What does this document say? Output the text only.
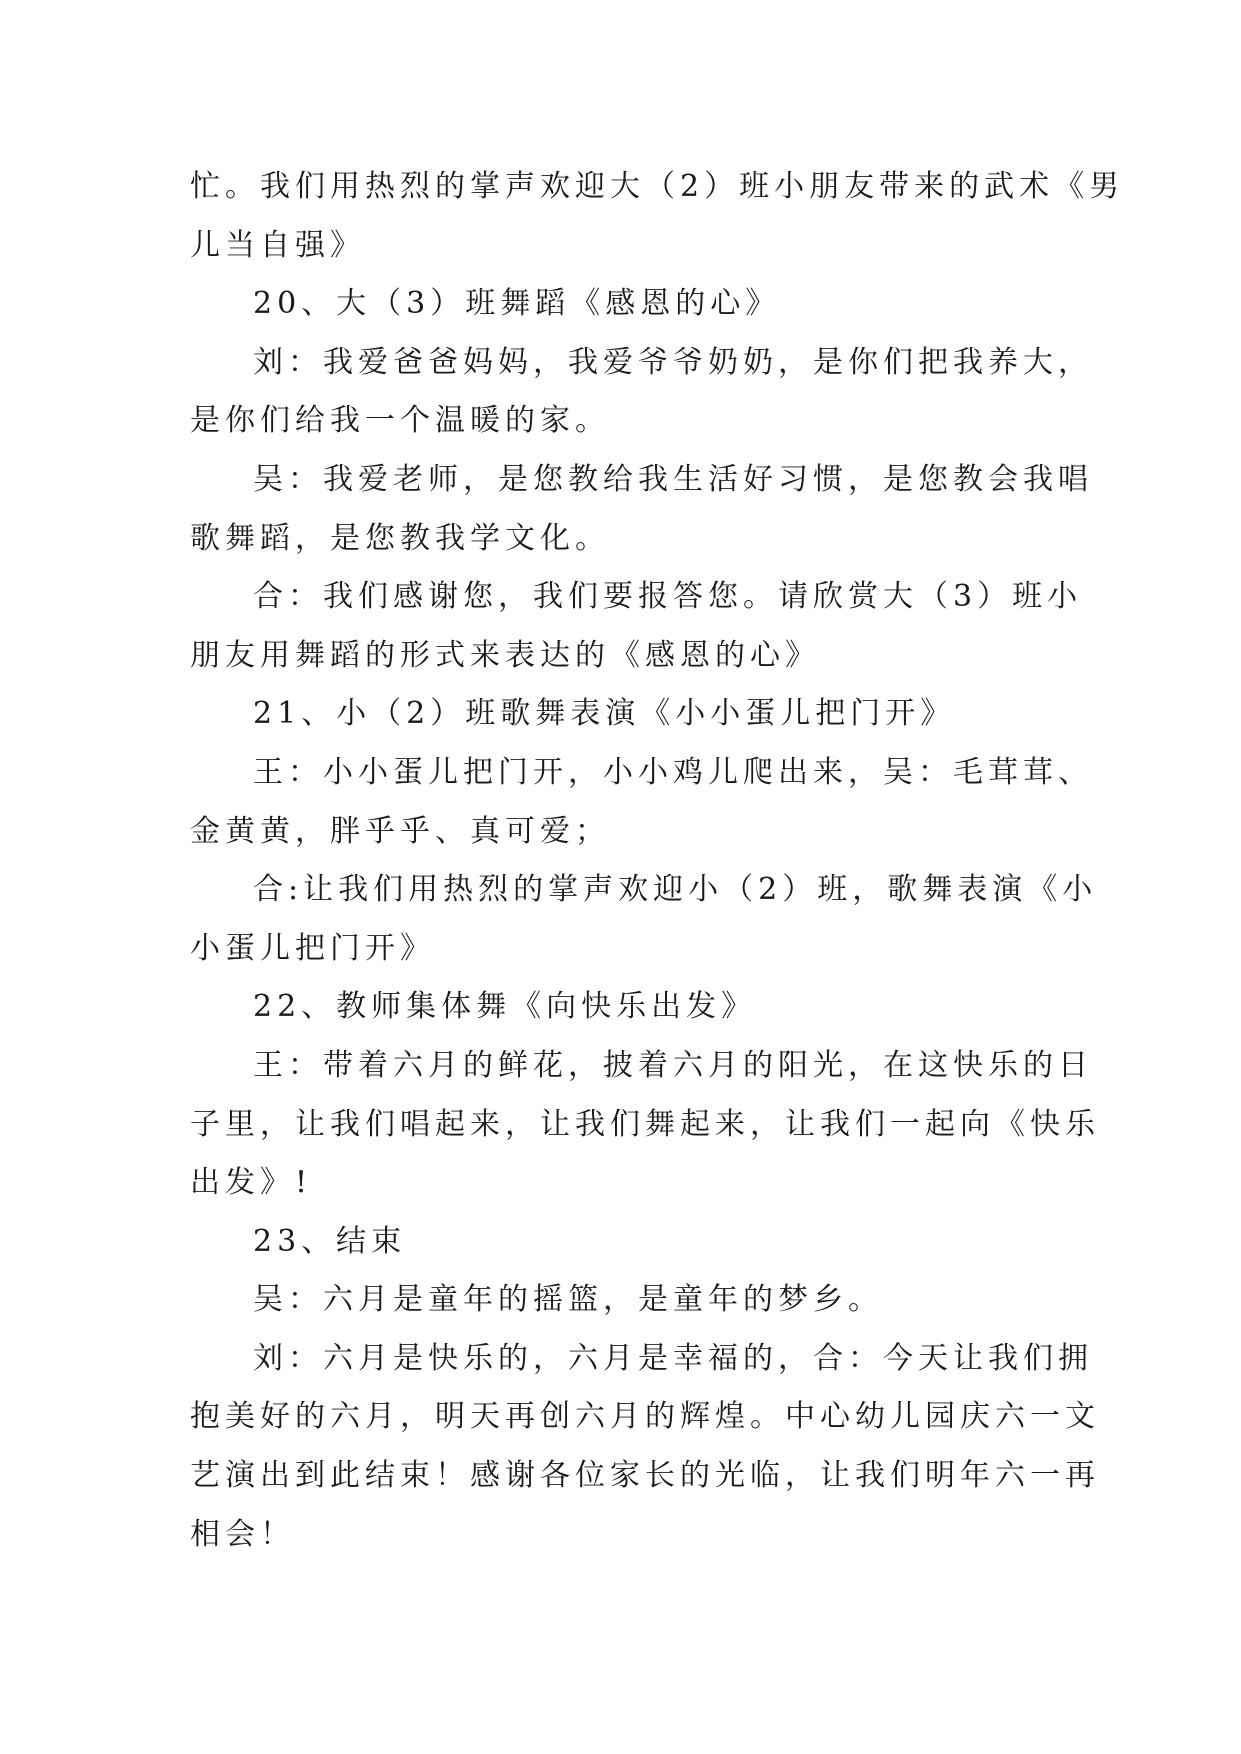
忙。我们用热烈的掌声欢迎大（2）班小朋友带来的武术《男
儿当自强》
20、大（3）班舞蹈《感恩的心》
刘：我爱爸爸妈妈，我爱爷爷奶奶，是你们把我养大，
是你们给我一个温暖的家。
吴：我爱老师，是您教给我生活好习惯，是您教会我唱
歌舞蹈，是您教我学文化。
合：我们感谢您，我们要报答您。请欣赏大（3）班小
朋友用舞蹈的形式来表达的《感恩的心》
21、小（2）班歌舞表演《小小蛋儿把门开》
王：小小蛋儿把门开，小小鸡儿爬出来，吴：毛茸茸、
金黄黄，胖乎乎、真可爱；
合:让我们用热烈的掌声欢迎小（2）班，歌舞表演《小
小蛋儿把门开》
22、教师集体舞《向快乐出发》
王：带着六月的鲜花，披着六月的阳光，在这快乐的日
子里，让我们唱起来，让我们舞起来，让我们一起向《快乐
出发》!
23、结束
吴：六月是童年的摇篮，是童年的梦乡。
刘：六月是快乐的，六月是幸福的，合：今天让我们拥
抱美好的六月，明天再创六月的辉煌。中心幼儿园庆六一文
艺演出到此结束！感谢各位家长的光临，让我们明年六一再
相会！
